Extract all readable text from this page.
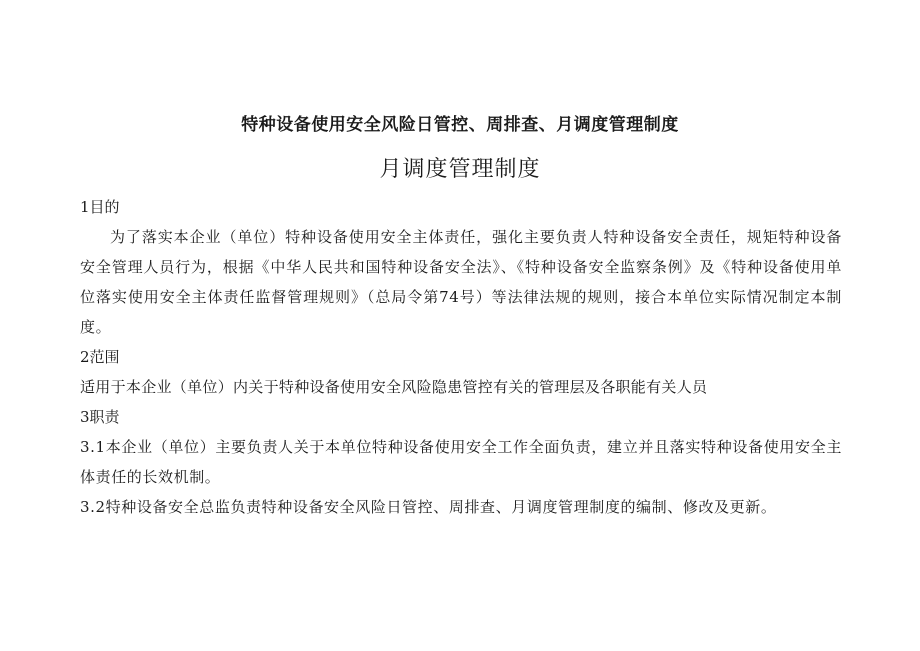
特种设备使用安全风险日管控、周排查、月调度管理制度
月调度管理制度

1目的

为了落实本企业（单位）特种设备使用安全主体责任，强化主要负责人特种设备安全责任，规矩特种设备安全管理人员行为，根据《中华人民共和国特种设备安全法》、《特种设备安全监察条例》及《特种设备使用单位落实使用安全主体责任监督管理规则》（总局令第74号）等法律法规的规则，接合本单位实际情况制定本制度。

2范围

适用于本企业（单位）内关于特种设备使用安全风险隐患管控有关的管理层及各职能有关人员

3职责

3.1本企业（单位）主要负责人关于本单位特种设备使用安全工作全面负责，建立并且落实特种设备使用安全主体责任的长效机制。

3.2特种设备安全总监负责特种设备安全风险日管控、周排查、月调度管理制度的编制、修改及更新。
